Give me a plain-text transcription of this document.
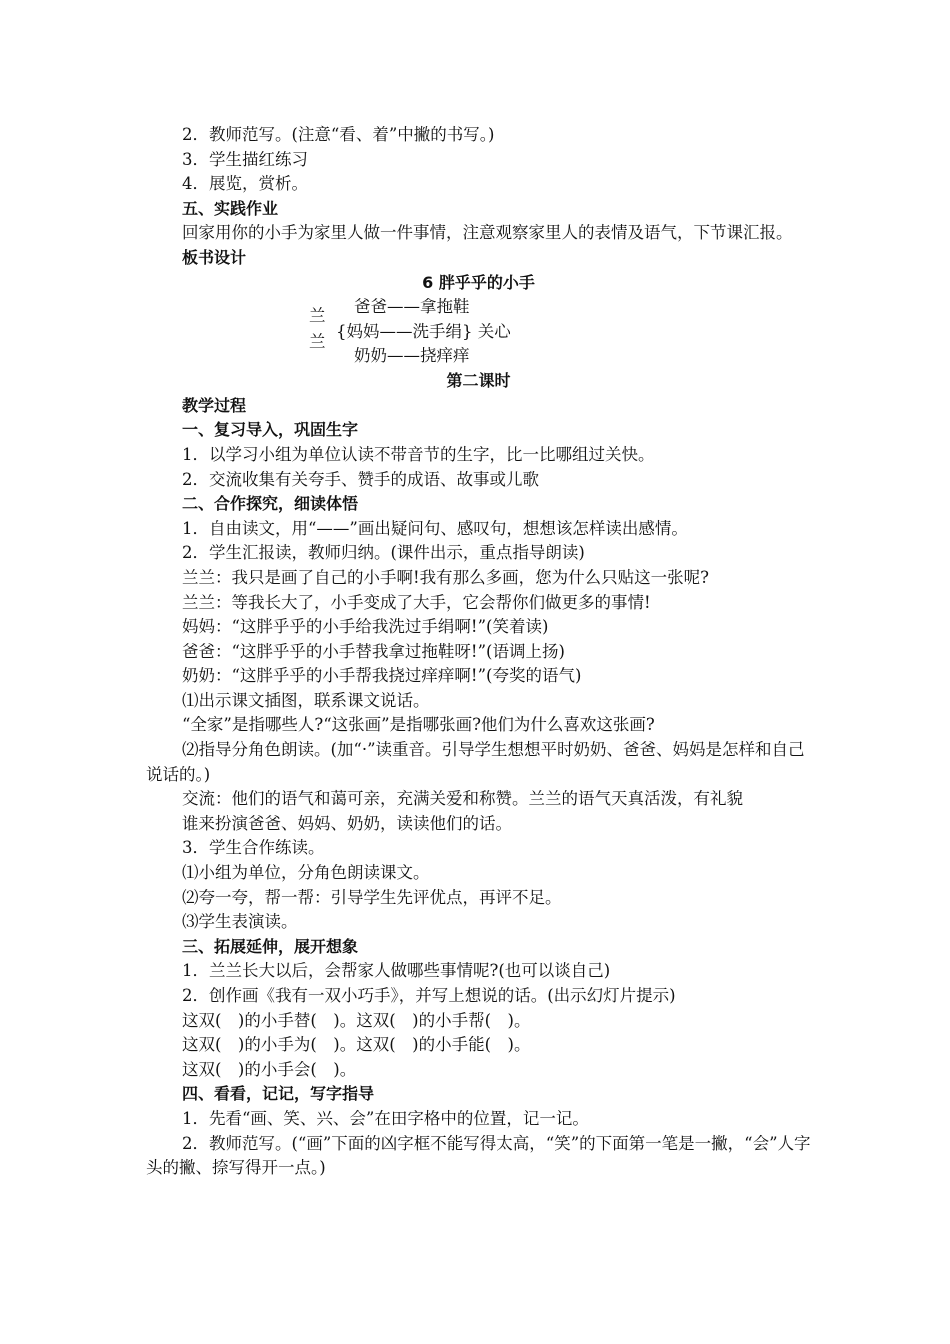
2．教师范写。(注意“看、着”中撇的书写。)
3．学生描红练习
4．展览，赏析。
五、实践作业
回家用你的小手为家里人做一件事情，注意观察家里人的表情及语气，下节课汇报。
板书设计
6 胖乎乎的小手
兰兰
爸爸——拿拖鞋
{妈妈——洗手绢} 关心
奶奶——挠痒痒
第二课时
教学过程
一、复习导入，巩固生字
1．以学习小组为单位认读不带音节的生字，比一比哪组过关快。
2．交流收集有关夸手、赞手的成语、故事或儿歌
二、合作探究，细读体悟
1．自由读文，用“——”画出疑问句、感叹句，想想该怎样读出感情。
2．学生汇报读，教师归纳。(课件出示，重点指导朗读)
兰兰：我只是画了自己的小手啊!我有那么多画，您为什么只贴这一张呢?
兰兰：等我长大了，小手变成了大手，它会帮你们做更多的事情!
妈妈：“这胖乎乎的小手给我洗过手绢啊!”(笑着读)
爸爸：“这胖乎乎的小手替我拿过拖鞋呀!”(语调上扬)
奶奶：“这胖乎乎的小手帮我挠过痒痒啊!”(夸奖的语气)
⑴出示课文插图，联系课文说话。
“全家”是指哪些人?“这张画”是指哪张画?他们为什么喜欢这张画?
⑵指导分角色朗读。(加“·”读重音。引导学生想想平时奶奶、爸爸、妈妈是怎样和自己说话的。)
交流：他们的语气和蔼可亲，充满关爱和称赞。兰兰的语气天真活泼，有礼貌
谁来扮演爸爸、妈妈、奶奶，读读他们的话。
3．学生合作练读。
⑴小组为单位，分角色朗读课文。
⑵夸一夸，帮一帮：引导学生先评优点，再评不足。
⑶学生表演读。
三、拓展延伸，展开想象
1．兰兰长大以后，会帮家人做哪些事情呢?(也可以谈自己)
2．创作画《我有一双小巧手》，并写上想说的话。(出示幻灯片提示)
这双(　)的小手替(　)。这双(　)的小手帮(　)。
这双(　)的小手为(　)。这双(　)的小手能(　)。
这双(　)的小手会(　)。
四、看看，记记，写字指导
1．先看“画、笑、兴、会”在田字格中的位置，记一记。
2．教师范写。(“画”下面的凶字框不能写得太高，“笑”的下面第一笔是一撇，“会”人字头的撇、捺写得开一点。)
